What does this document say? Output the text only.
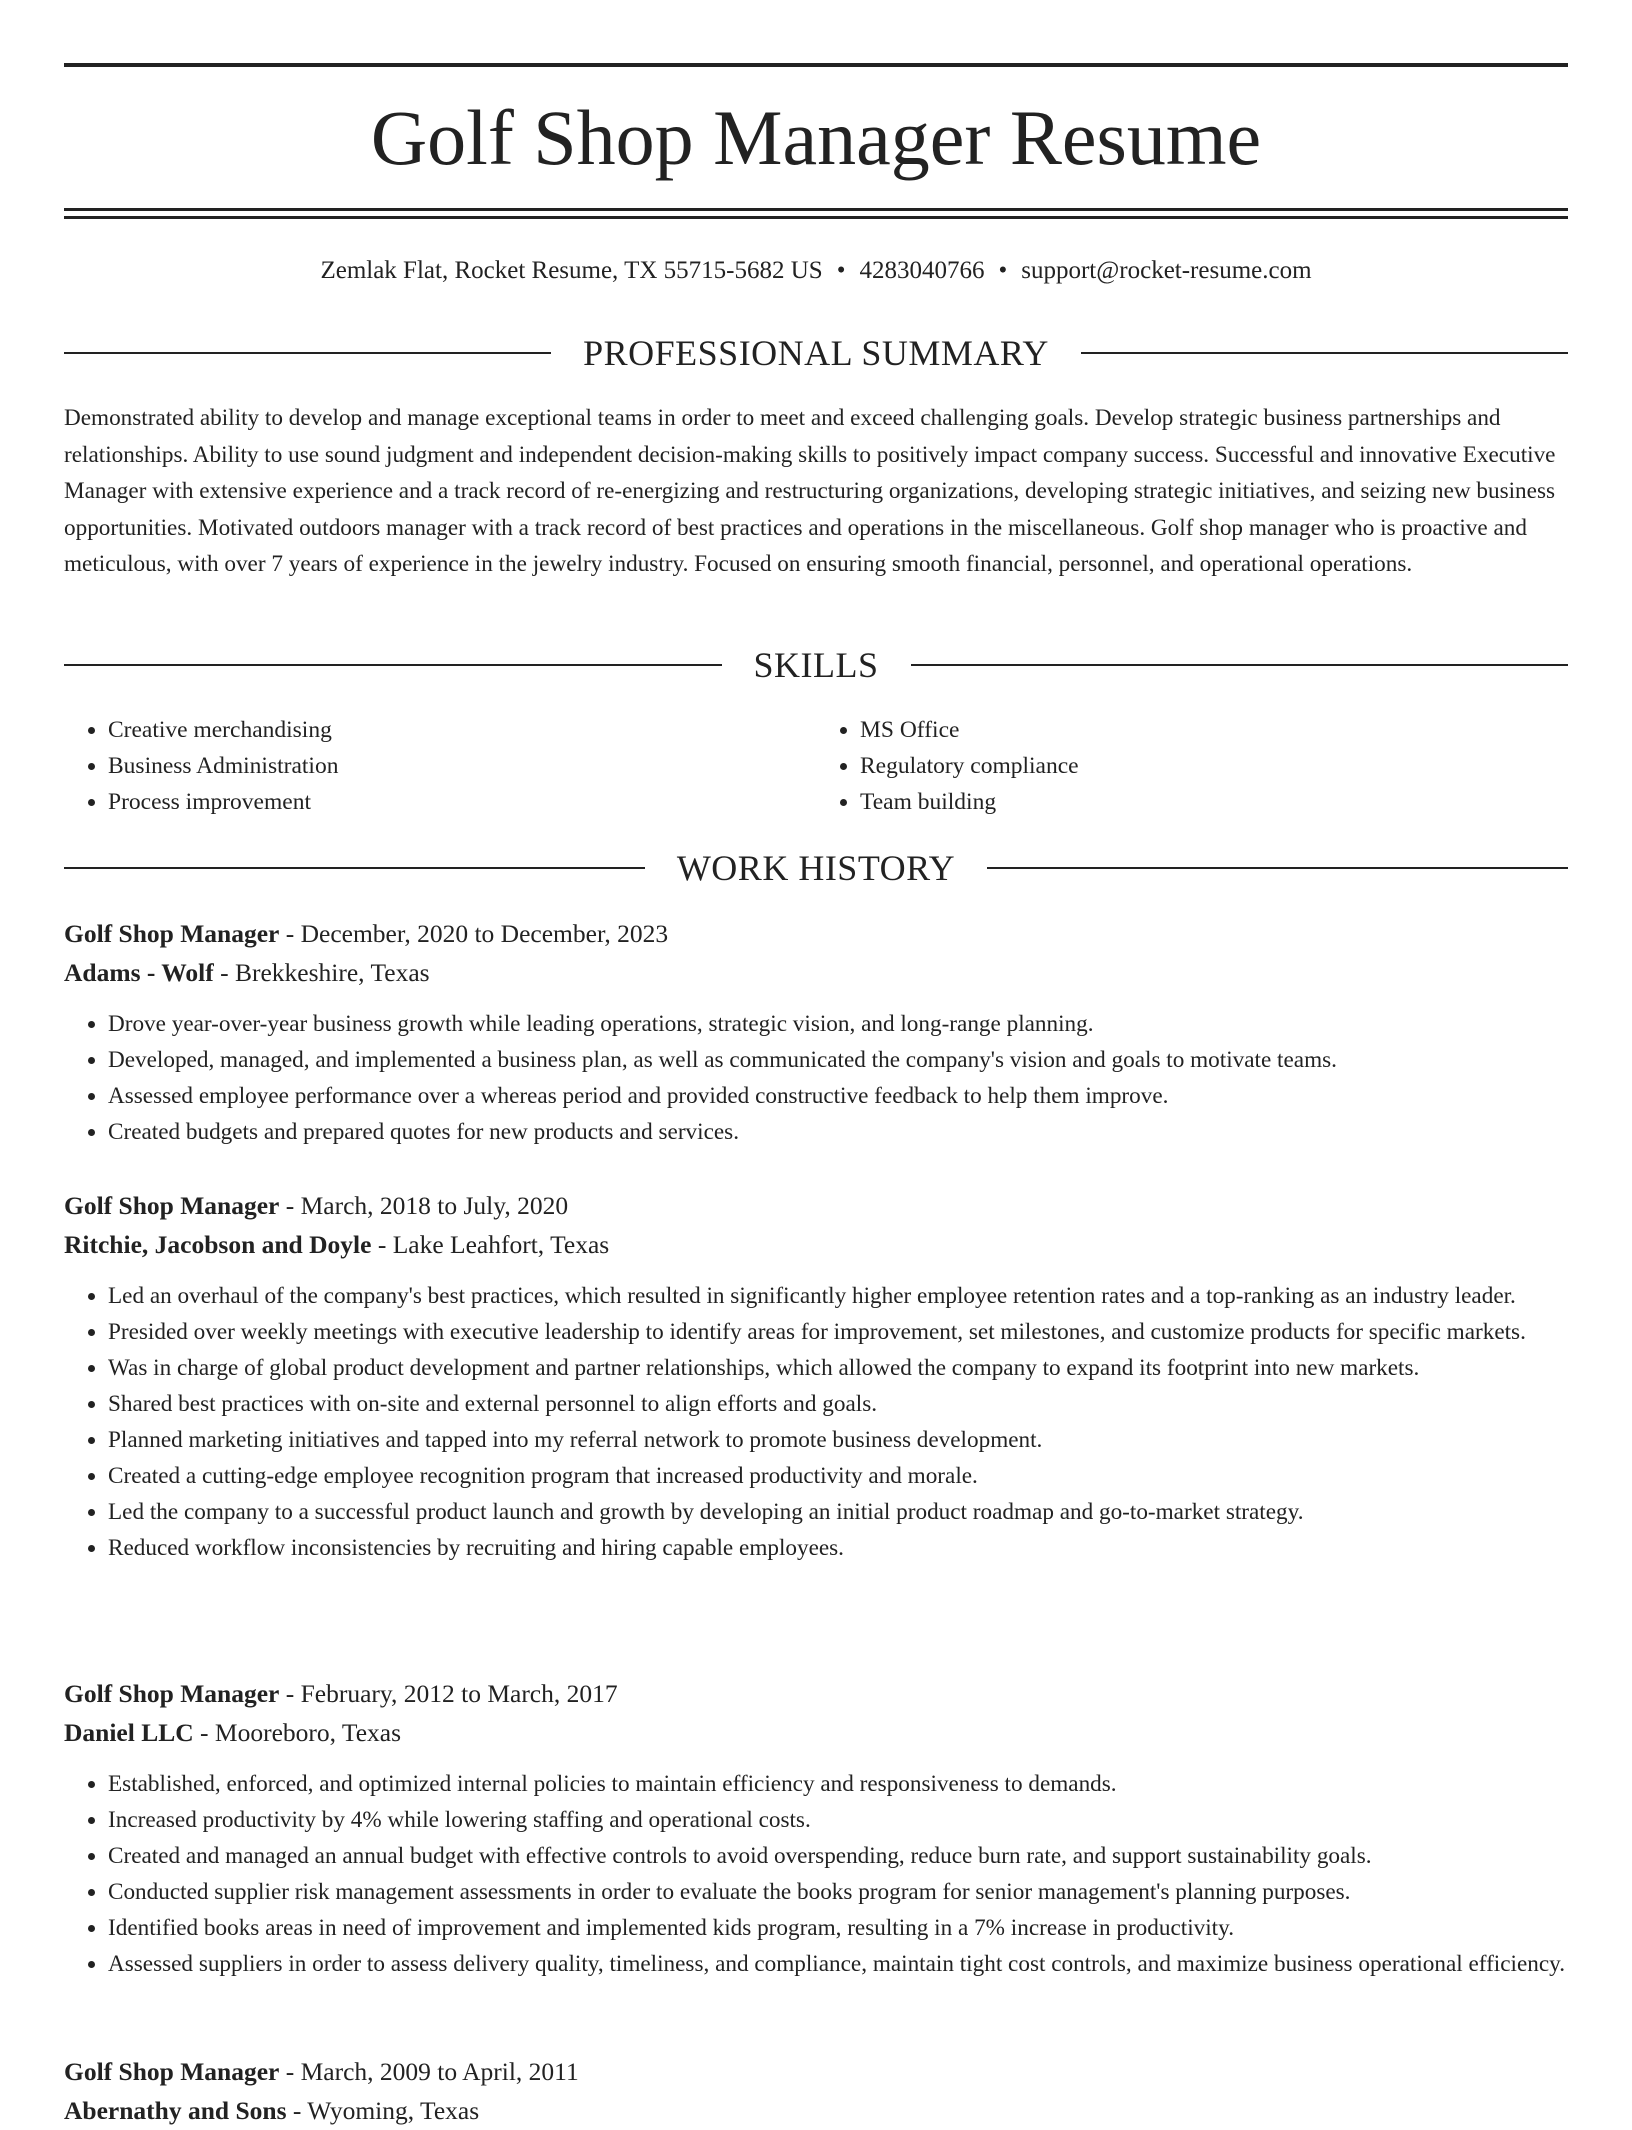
Golf Shop Manager Resume
Zemlak Flat, Rocket Resume, TX 55715-5682 US • 4283040766 • support@rocket-resume.com
PROFESSIONAL SUMMARY

Demonstrated ability to develop and manage exceptional teams in order to meet and exceed challenging goals. Develop strategic business partnerships and relationships. Ability to use sound judgment and independent decision-making skills to positively impact company success. Successful and innovative Executive Manager with extensive experience and a track record of re-energizing and restructuring organizations, developing strategic initiatives, and seizing new business opportunities. Motivated outdoors manager with a track record of best practices and operations in the miscellaneous. Golf shop manager who is proactive and meticulous, with over 7 years of experience in the jewelry industry. Focused on ensuring smooth financial, personnel, and operational operations.

SKILLS
• Creative merchandising
• Business Administration
• Process improvement
• MS Office
• Regulatory compliance
• Team building
WORK HISTORY
Golf Shop Manager - December, 2020 to December, 2023
Adams - Wolf - Brekkeshire, Texas
• Drove year-over-year business growth while leading operations, strategic vision, and long-range planning.
• Developed, managed, and implemented a business plan, as well as communicated the company's vision and goals to motivate teams.
• Assessed employee performance over a whereas period and provided constructive feedback to help them improve.
• Created budgets and prepared quotes for new products and services.
Golf Shop Manager - March, 2018 to July, 2020
Ritchie, Jacobson and Doyle - Lake Leahfort, Texas
• Led an overhaul of the company's best practices, which resulted in significantly higher employee retention rates and a top-ranking as an industry leader.
• Presided over weekly meetings with executive leadership to identify areas for improvement, set milestones, and customize products for specific markets.
• Was in charge of global product development and partner relationships, which allowed the company to expand its footprint into new markets.
• Shared best practices with on-site and external personnel to align efforts and goals.
• Planned marketing initiatives and tapped into my referral network to promote business development.
• Created a cutting-edge employee recognition program that increased productivity and morale.
• Led the company to a successful product launch and growth by developing an initial product roadmap and go-to-market strategy.
• Reduced workflow inconsistencies by recruiting and hiring capable employees.
Golf Shop Manager - February, 2012 to March, 2017
Daniel LLC - Mooreboro, Texas
• Established, enforced, and optimized internal policies to maintain efficiency and responsiveness to demands.
• Increased productivity by 4% while lowering staffing and operational costs.
• Created and managed an annual budget with effective controls to avoid overspending, reduce burn rate, and support sustainability goals.
• Conducted supplier risk management assessments in order to evaluate the books program for senior management's planning purposes.
• Identified books areas in need of improvement and implemented kids program, resulting in a 7% increase in productivity.
• Assessed suppliers in order to assess delivery quality, timeliness, and compliance, maintain tight cost controls, and maximize business operational efficiency.
Golf Shop Manager - March, 2009 to April, 2011
Abernathy and Sons - Wyoming, Texas
